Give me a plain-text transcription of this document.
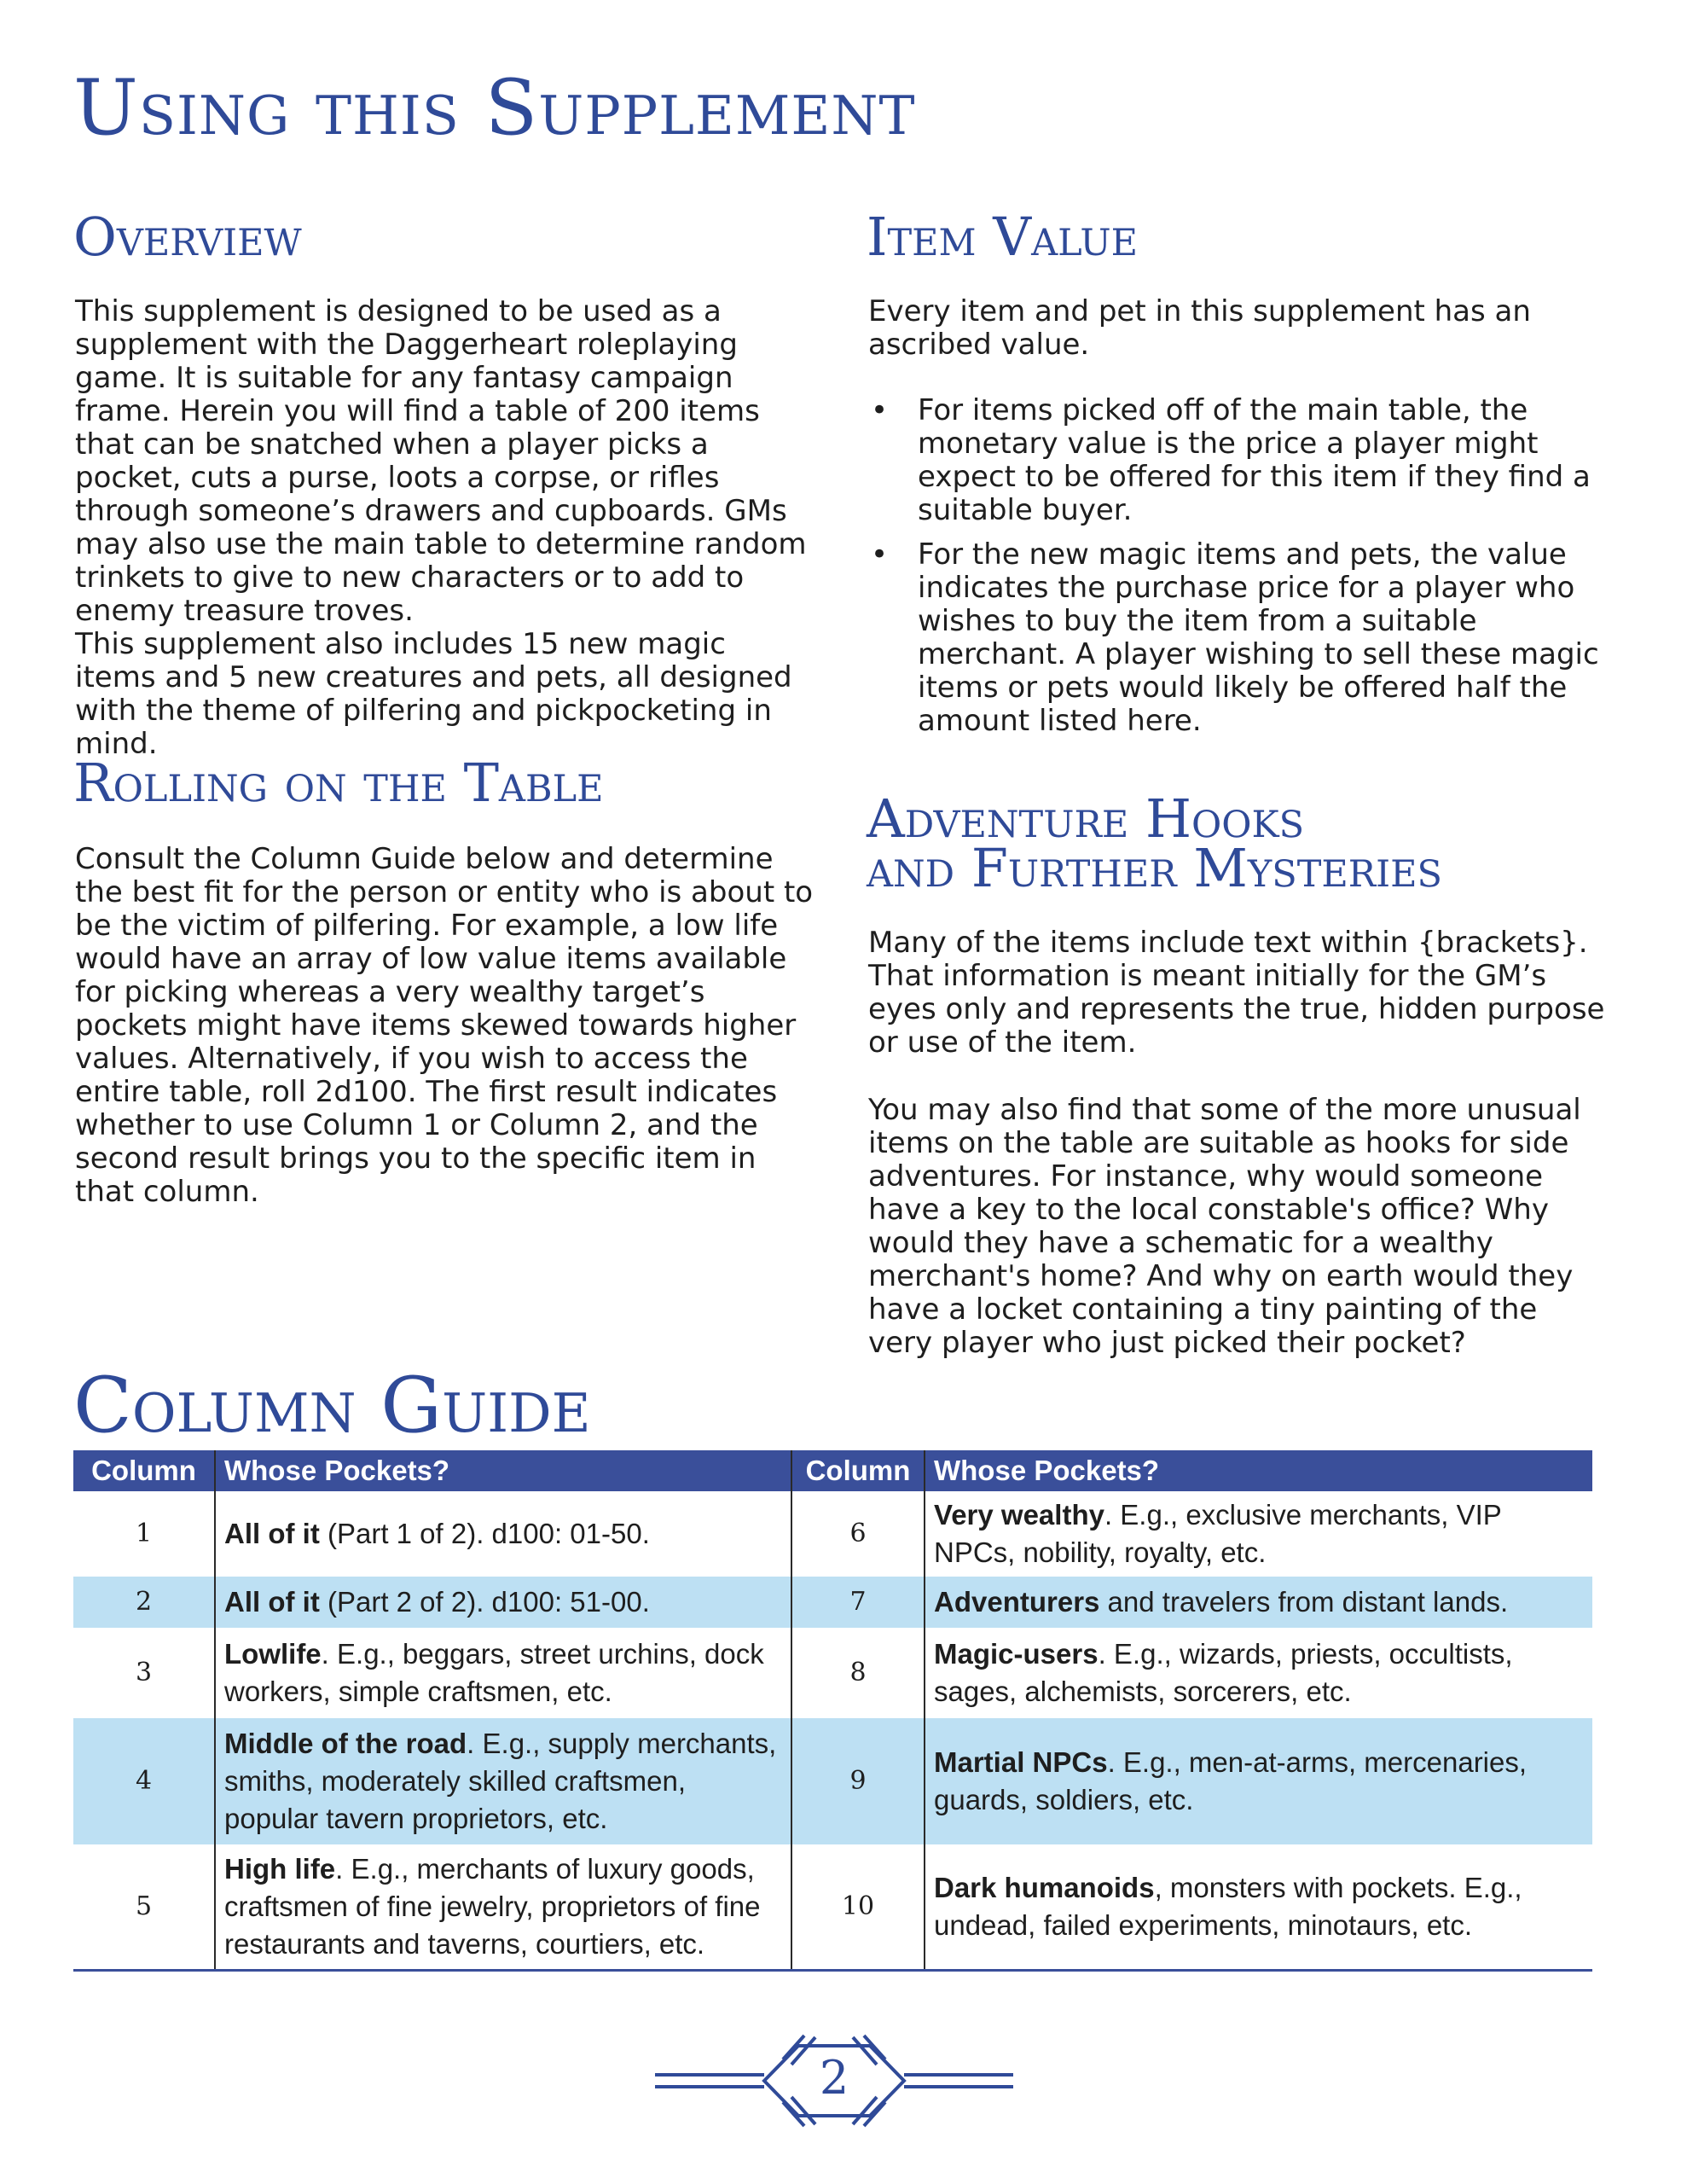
Using this Supplement
Overview

This supplement is designed to be used as a supplement with the Daggerheart roleplaying game. It is suitable for any fantasy campaign frame. Herein you will find a table of 200 items that can be snatched when a player picks a pocket, cuts a purse, loots a corpse, or rifles through someone’s drawers and cupboards. GMs may also use the main table to determine random trinkets to give to new characters or to add to enemy treasure troves.

This supplement also includes 15 new magic items and 5 new creatures and pets, all designed with the theme of pilfering and pickpocketing in mind.

Rolling on the Table

Consult the Column Guide below and determine the best fit for the person or entity who is about to be the victim of pilfering. For example, a low life would have an array of low value items available for picking whereas a very wealthy target’s pockets might have items skewed towards higher values. Alternatively, if you wish to access the entire table, roll 2d100. The first result indicates whether to use Column 1 or Column 2, and the second result brings you to the specific item in that column.

Item Value

Every item and pet in this supplement has an ascribed value.

• For items picked off of the main table, the monetary value is the price a player might expect to be offered for this item if they find a suitable buyer.
• For the new magic items and pets, the value indicates the purchase price for a player who wishes to buy the item from a suitable merchant. A player wishing to sell these magic items or pets would likely be offered half the amount listed here.
Adventure Hooks
and Further Mysteries

Many of the items include text within {brackets}. That information is meant initially for the GM’s eyes only and represents the true, hidden purpose or use of the item.

You may also find that some of the more unusual items on the table are suitable as hooks for side adventures. For instance, why would someone have a key to the local constable's office? Why would they have a schematic for a wealthy merchant's home? And why on earth would they have a locket containing a tiny painting of the very player who just picked their pocket?

Column Guide
Column	Whose Pockets?	Column	Whose Pockets?
1	All of it (Part 1 of 2). d100: 01-50.	6	Very wealthy. E.g., exclusive merchants, VIP NPCs, nobility, royalty, etc.
2	All of it (Part 2 of 2). d100: 51-00.	7	Adventurers and travelers from distant lands.
3	Lowlife. E.g., beggars, street urchins, dock workers, simple craftsmen, etc.	8	Magic-users. E.g., wizards, priests, occultists, sages, alchemists, sorcerers, etc.
4	Middle of the road. E.g., supply merchants, smiths, moderately skilled craftsmen, popular tavern proprietors, etc.	9	Martial NPCs. E.g., men-at-arms, mercenaries, guards, soldiers, etc.
5	High life. E.g., merchants of luxury goods, craftsmen of fine jewelry, proprietors of fine restaurants and taverns, courtiers, etc.	10	Dark humanoids, monsters with pockets. E.g., undead, failed experiments, minotaurs, etc.
2
